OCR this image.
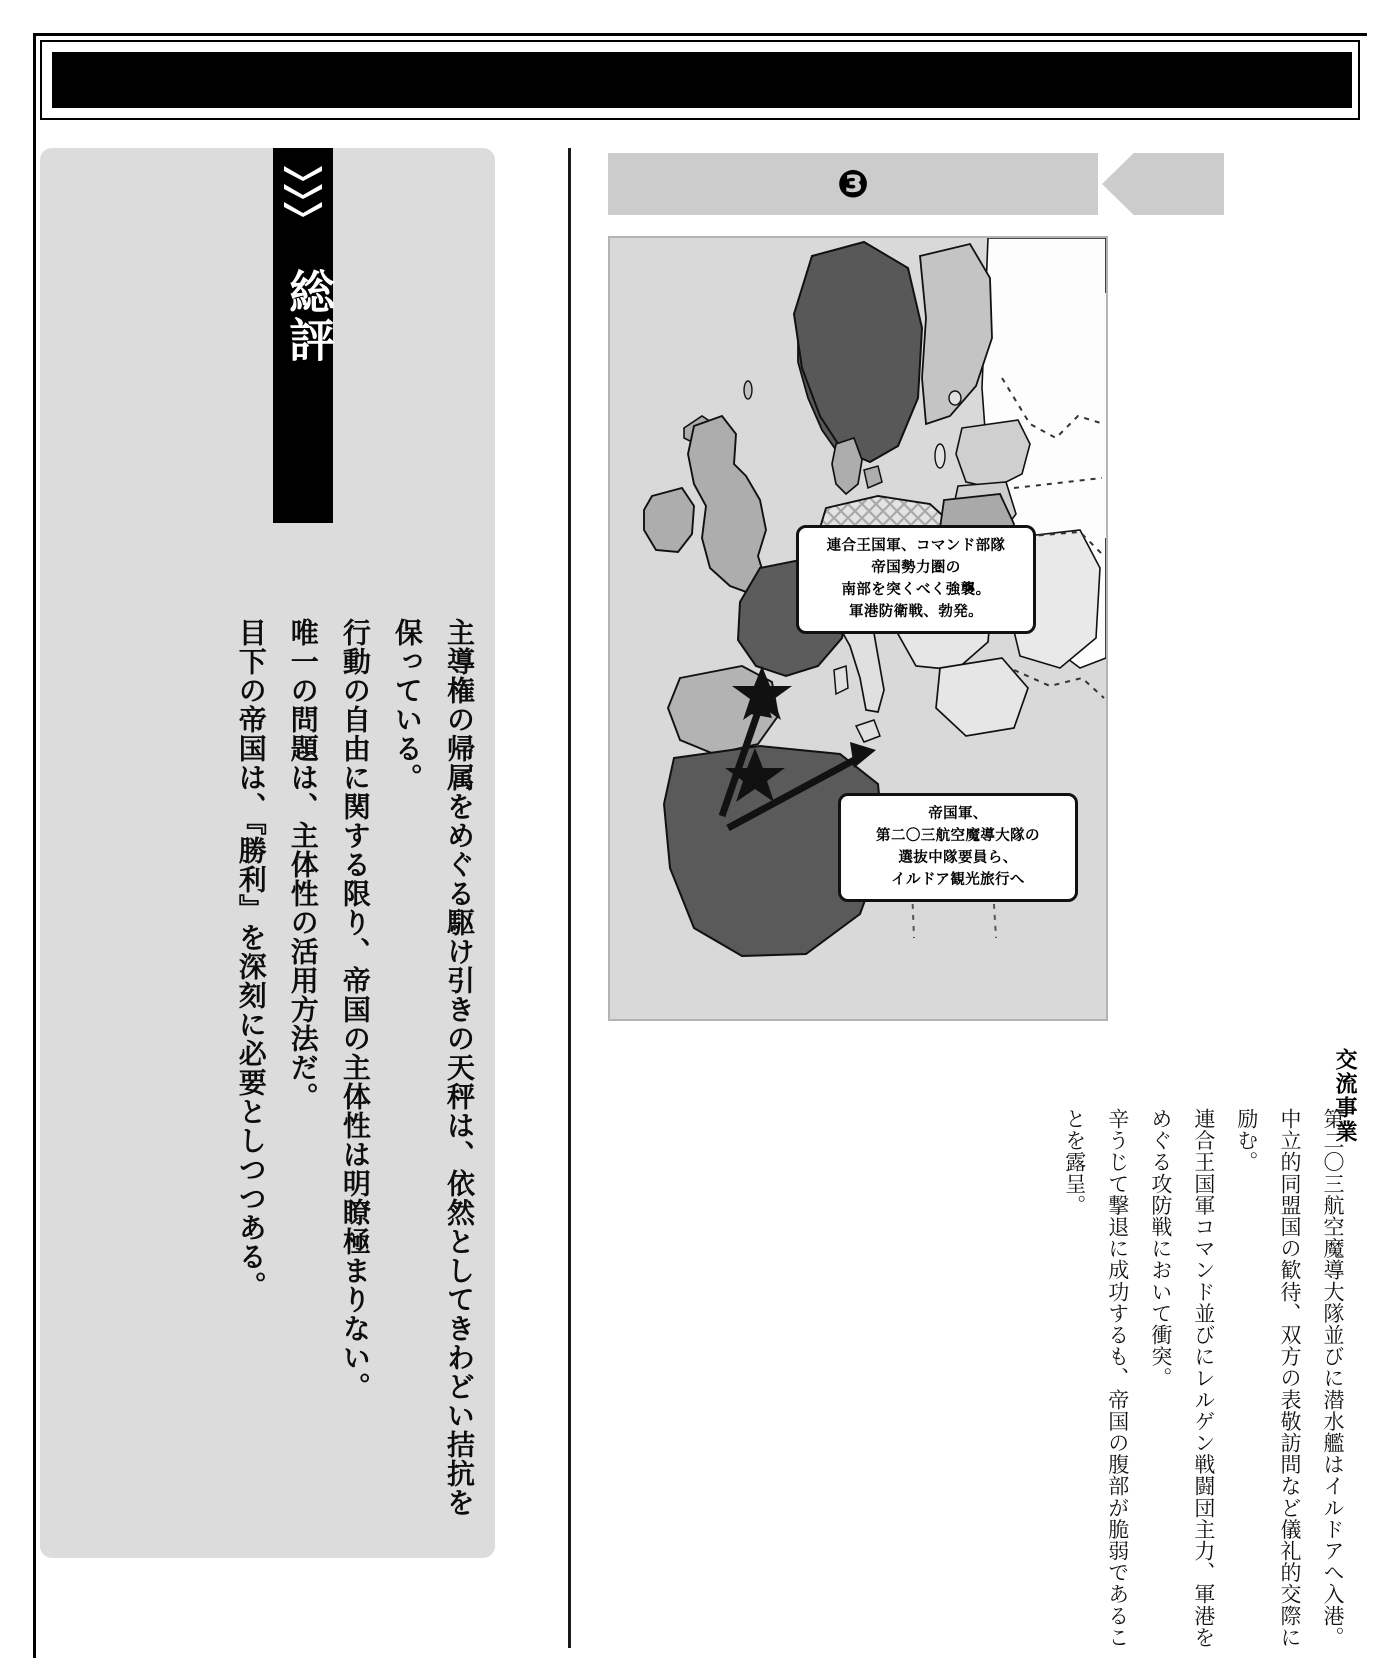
総評

主導権の帰属をめぐる駆け引きの天秤は、依然としてきわどい拮抗を保っている。

行動の自由に関する限り、帝国の主体性は明瞭極まりない。

唯一の問題は、主体性の活用方法だ。

目下の帝国は、『勝利』を深刻に必要としつつある。

❸
連合王国軍、コマンド部隊
帝国勢力圏の
南部を突くべく強襲。
軍港防衛戦、勃発。
帝国軍、
第二〇三航空魔導大隊の
選抜中隊要員ら、
イルドア観光旅行へ
交流事業

第二〇三航空魔導大隊並びに潜水艦はイルドアへ入港。

中立的同盟国の歓待、双方の表敬訪問など儀礼的交際に励む。

連合王国軍コマンド並びにレルゲン戦闘団主力、軍港をめぐる攻防戦において衝突。

辛うじて撃退に成功するも、帝国の腹部が脆弱であることを露呈。
